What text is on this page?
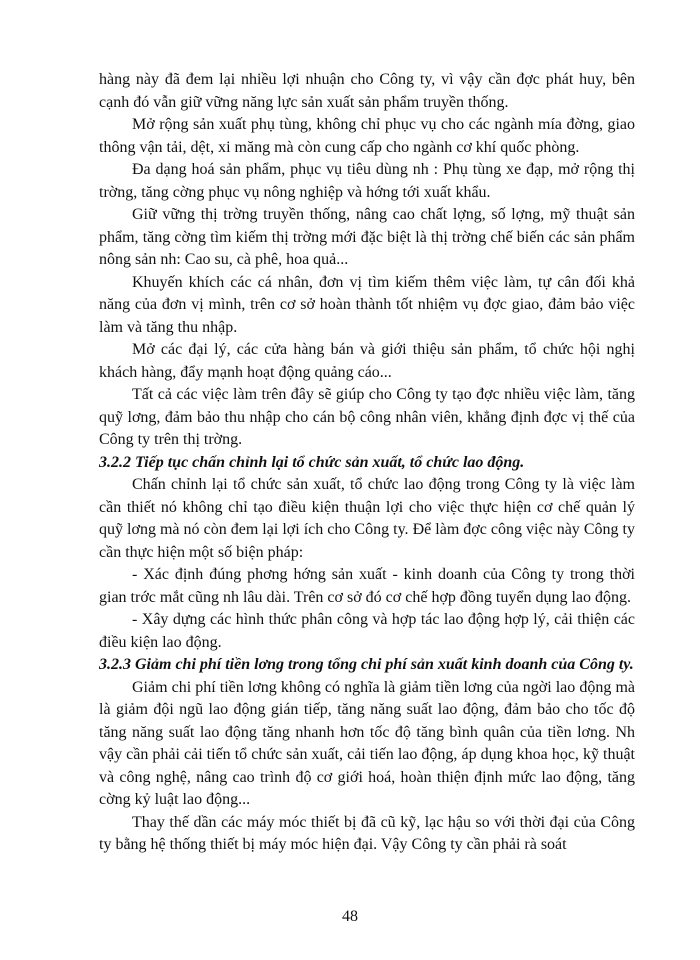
hàng này đã đem lại nhiều lợi nhuận cho Công ty, vì vậy cần đợc phát huy, bên cạnh đó vẫn giữ vững năng lực sản xuất sản phẩm truyền thống.

Mở rộng sản xuất phụ tùng, không chỉ phục vụ cho các ngành mía đờng, giao thông vận tải, dệt, xi măng mà còn cung cấp cho ngành cơ khí quốc phòng.

Đa dạng hoá sản phẩm, phục vụ tiêu dùng nh : Phụ tùng xe đạp, mở rộng thị trờng, tăng cờng phục vụ nông nghiệp và hớng tới xuất khẩu.

Giữ vững thị trờng truyền thống, nâng cao chất lợng, số lợng, mỹ thuật sản phẩm, tăng cờng tìm kiếm thị trờng mới đặc biệt là thị trờng chế biến các sản phẩm nông sản nh: Cao su, cà phê, hoa quả...

Khuyến khích các cá nhân, đơn vị tìm kiếm thêm việc làm, tự cân đối khả năng của đơn vị mình, trên cơ sở hoàn thành tốt nhiệm vụ đợc giao, đảm bảo việc làm và tăng thu nhập.

Mở các đại lý, các cửa hàng bán và giới thiệu sản phẩm, tổ chức hội nghị khách hàng, đẩy mạnh hoạt động quảng cáo...

Tất cả các việc làm trên đây sẽ giúp cho Công ty tạo đợc nhiều việc làm, tăng quỹ lơng, đảm bảo thu nhập cho cán bộ công nhân viên, khẳng định đợc vị thế của Công ty trên thị trờng.

3.2.2 Tiếp tục chấn chỉnh lại tổ chức sản xuất, tổ chức lao động.

Chấn chỉnh lại tổ chức sản xuất, tổ chức lao động trong Công ty là việc làm cần thiết nó không chỉ tạo điều kiện thuận lợi cho việc thực hiện cơ chế quản lý quỹ lơng mà nó còn đem lại lợi ích cho Công ty. Để làm đợc công việc này Công ty cần thực hiện một số biện pháp:

- Xác định đúng phơng hớng sản xuất - kinh doanh của Công ty trong thời gian trớc mắt cũng nh lâu dài. Trên cơ sở đó cơ chế hợp đồng tuyển dụng lao động.

- Xây dựng các hình thức phân công và hợp tác lao động hợp lý, cải thiện các điều kiện lao động.

3.2.3 Giảm chi phí tiền lơng trong tổng chi phí sản xuất kinh doanh của Công ty.

Giảm chi phí tiền lơng không có nghĩa là giảm tiền lơng của ngời lao động mà là giảm đội ngũ lao động gián tiếp, tăng năng suất lao động, đảm bảo cho tốc độ tăng năng suất lao động tăng nhanh hơn tốc độ tăng bình quân của tiền lơng. Nh vậy cần phải cải tiến tổ chức sản xuất, cải tiến lao động, áp dụng khoa học, kỹ thuật và công nghệ, nâng cao trình độ cơ giới hoá, hoàn thiện định mức lao động, tăng cờng kỷ luật lao động...

Thay thế dần các máy móc thiết bị đã cũ kỹ, lạc hậu so với thời đại của Công ty bằng hệ thống thiết bị máy móc hiện đại. Vậy Công ty cần phải rà soát

48
